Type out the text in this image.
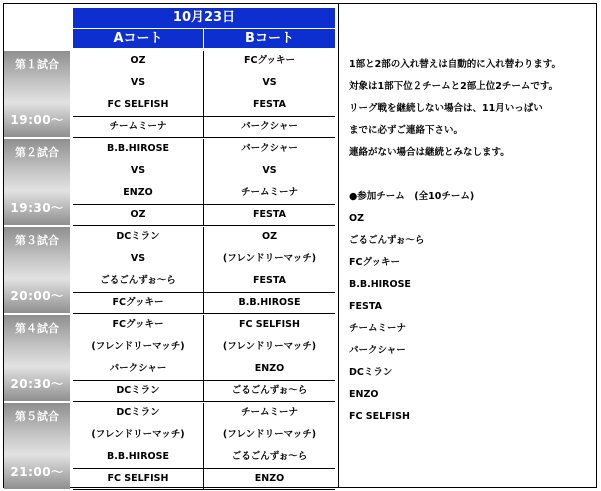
10月23日
Aコート	Bコート
第１試合
19:00～
OZ
VS
FC SELFISH
チームミーナ
FCグッキー
VS
FESTA
パークシャー
第２試合
19:30～
B.B.HIROSE
VS
ENZO
OZ
パークシャー
VS
チームミーナ
FESTA
第３試合
20:00～
DCミラン
VS
ごるごんずぉ～ら
FCグッキー
OZ
(フレンドリーマッチ)
FESTA
B.B.HIROSE
第４試合
20:30～
FCグッキー
(フレンドリーマッチ)
パークシャー
DCミラン
FC SELFISH
(フレンドリーマッチ)
ENZO
ごるごんずぉ～ら
第５試合
21:00～
DCミラン
(フレンドリーマッチ)
B.B.HIROSE
FC SELFISH
チームミーナ
(フレンドリーマッチ)
ごるごんずぉ～ら
ENZO
1部と2部の入れ替えは自動的に入れ替わります。
対象は1部下位２チームと2部上位2チームです。
リーグ戦を継続しない場合は、11月いっぱい
までに必ずご連絡下さい。
連絡がない場合は継続とみなします。
●参加チーム　(全10チーム)
OZ
ごるごんずぉ～ら
FCグッキー
B.B.HIROSE
FESTA
チームミーナ
パークシャー
DCミラン
ENZO
FC SELFISH
